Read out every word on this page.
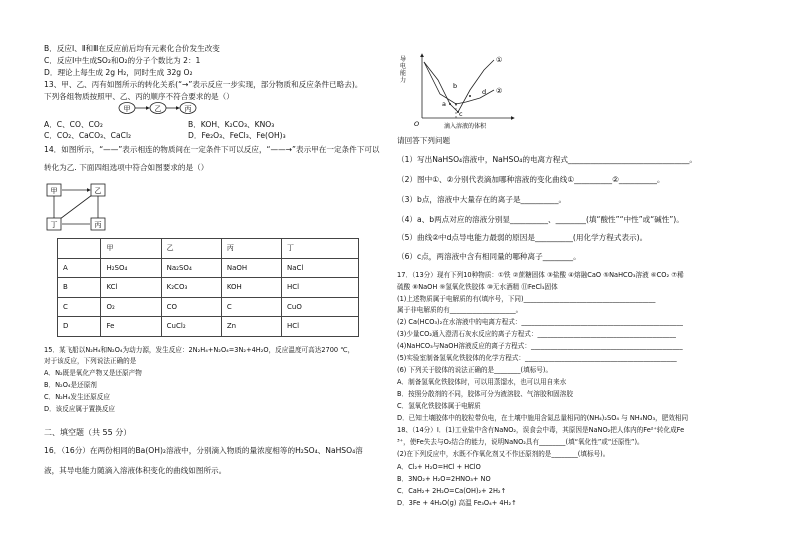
B．反应Ⅰ、Ⅱ和Ⅲ在反应前后均有元素化合价发生改变
C．反应Ⅰ中生成SO₂和O₂的分子个数比为 2：1
D．理论上每生成 2g H₂，同时生成 32g O₂
13、甲、乙、丙有如图所示的转化关系(“→”表示反应一步实现，部分物质和反应条件已略去)。
下列各组物质按照甲、乙、丙的顺序不符合要求的是（）
甲	乙	丙
A．C、CO、CO₂	B．KOH、K₂CO₃、KNO₃
C．CO₂、CaCO₃、CaCl₂	D．Fe₂O₃、FeCl₃、Fe(OH)₃
14．如图所示，“——”表示相连的物质间在一定条件下可以反应，“——→”表示甲在一定条件下可以
转化为乙. 下面四组选项中符合如图要求的是（）
甲	乙
丁	丙
	甲	乙	丙	丁
A	H₂SO₄	Na₂SO₄	NaOH	NaCl
B	KCl	K₂CO₃	KOH	HCl
C	O₂	CO	C	CuO
D	Fe	CuCl₂	Zn	HCl
15．某飞船以N₂H₄和N₂O₄为动力源，发生反应：2N₂H₄+N₂O₄=3N₂+4H₂O，反应温度可高达2700 ℃，
对于该反应，下列说法正确的是
A．N₂既是氧化产物又是还原产物
B．N₂O₄是还原剂
C．N₂H₄发生还原反应
D．该反应属于置换反应
二、填空题（共 55 分）
16．（16分）在两份相同的Ba(OH)₂溶液中，分别滴入物质的量浓度相等的H₂SO₄、NaHSO₄溶
液，其导电能力随滴入溶液体积变化的曲线如图所示。
a
b
c
d
①
②
O	滴入溶液的体积
导电能力
请回答下列问题
（1）写出NaHSO₄溶液中，NaHSO₄的电离方程式________________________________。
（2）图中①、②分别代表滴加哪种溶液的变化曲线①__________②__________。
（3）b点，溶液中大量存在的离子是__________。
（4）a、b两点对应的溶液分别显__________、________(填“酸性”“中性”或“碱性”)。
（5）曲线②中d点导电能力最弱的原因是__________(用化学方程式表示)。
（6）c点，两溶液中含有相同量的哪种离子________。
17．（13分）现有下列10种物质：①铁 ②蔗糖固体 ③盐酸 ④熔融CaO ⑤NaHCO₃溶液 ⑥CO₂ ⑦稀
硫酸 ⑧NaOH ⑨氢氧化铁胶体 ⑩无水酒精 ⑪FeCl₃固体
(1)上述物质属于电解质的有(填序号，下同)________________________________________
属于非电解质的有____________________。
(2) Ca(HCO₃)₂在水溶液中的电离方程式：_________________________________________________
(3)少量CO₂通入澄清石灰水反应的离子方程式：__________________________________________
(4)NaHCO₃与NaOH溶液反应的离子方程式：______________________________________________
(5)实验室制备氢氧化铁胶体的化学方程式：______________________________________________
(6) 下列关于胶体的说法正确的是________(填标号)。
A．制备氢氧化铁胶体时，可以用蒸馏水，也可以用自来水
B．按照分散剂的不同，胶体可分为液溶胶、气溶胶和固溶胶
C．氢氧化铁胶体属于电解质
D．已知土壤胶体中的胶粒带负电，在土壤中施用含氮总量相同的(NH₄)₂SO₄ 与 NH₄NO₃，肥效相同
18、（14分）I．(1)工业盐中含有NaNO₂，误食会中毒，其原因是NaNO₂把人体内的Fe²⁺转化成Fe
³⁺，使Fe失去与O₂结合的能力，说明NaNO₂具有________(填“氧化性”或“还原性”)。
(2)在下列反应中，水既不作氧化剂又不作还原剂的是________(填标号)。
A．Cl₂+ H₂O=HCl + HClO
B．3NO₂+ H₂O=2HNO₃+ NO
C．CaH₂+ 2H₂O=Ca(OH)₂+ 2H₂↑
D．3Fe + 4H₂O(g) 高温 Fe₃O₄+ 4H₂↑
